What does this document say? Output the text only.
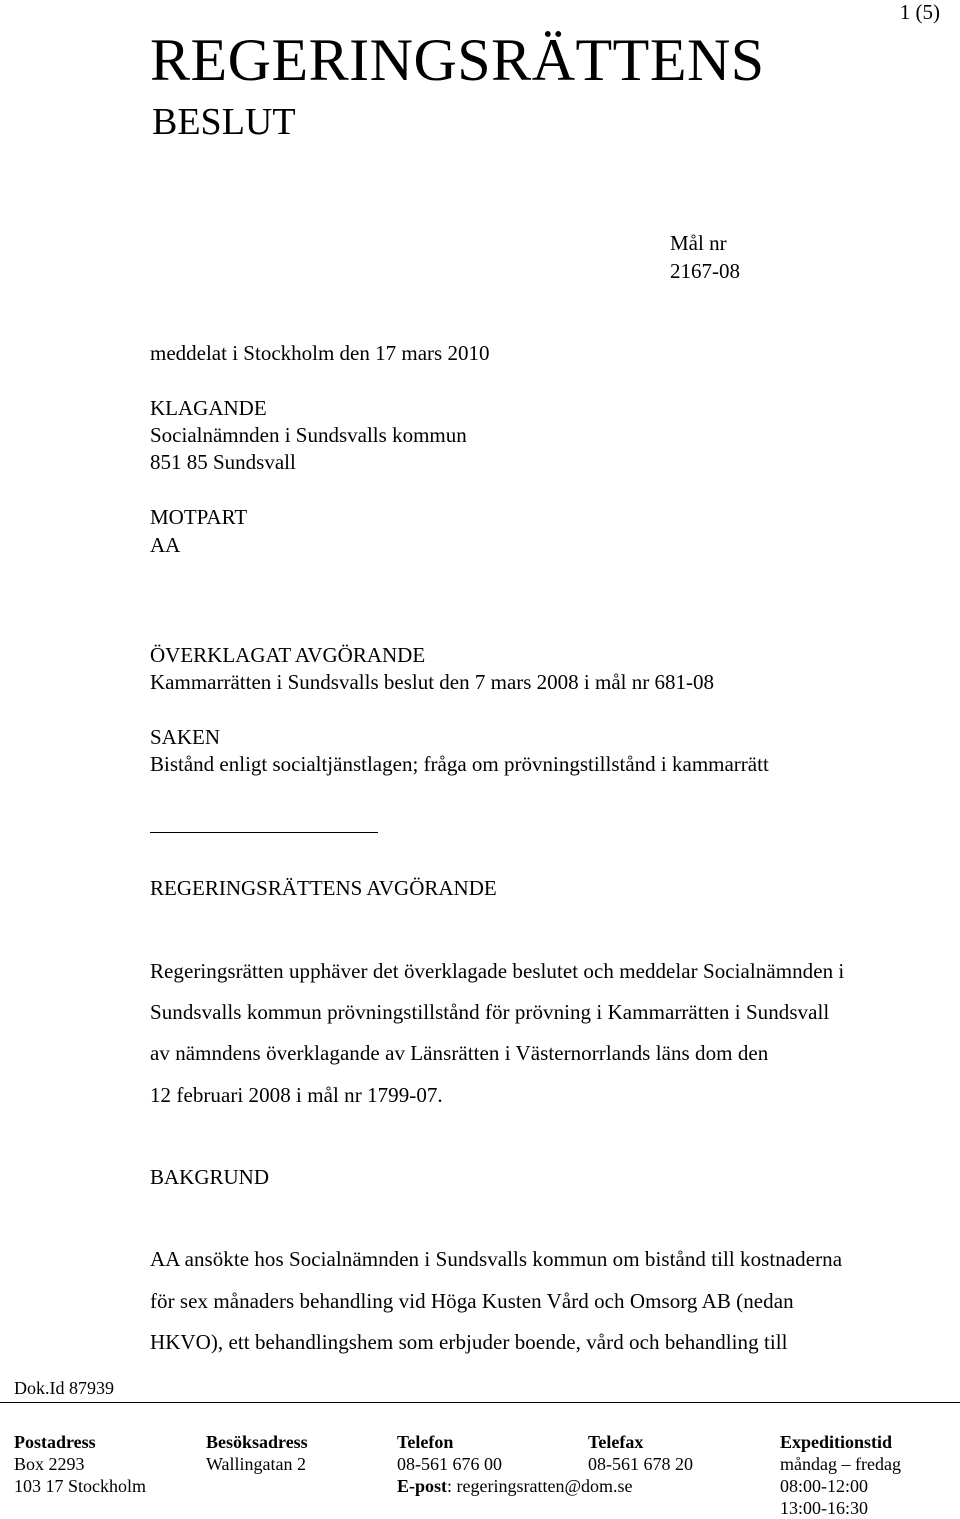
1 (5)
REGERINGSRÄTTENS
BESLUT
Mål nr
2167-08
meddelat i Stockholm den 17 mars 2010
KLAGANDE
Socialnämnden i Sundsvalls kommun
851 85 Sundsvall
MOTPART
AA
ÖVERKLAGAT AVGÖRANDE
Kammarrätten i Sundsvalls beslut den 7 mars 2008 i mål nr 681-08
SAKEN
Bistånd enligt socialtjänstlagen; fråga om prövningstillstånd i kammarrätt
REGERINGSRÄTTENS AVGÖRANDE
Regeringsrätten upphäver det överklagade beslutet och meddelar Socialnämnden i
Sundsvalls kommun prövningstillstånd för prövning i Kammarrätten i Sundsvall
av nämndens överklagande av Länsrätten i Västernorrlands läns dom den
12 februari 2008 i mål nr 1799-07.
BAKGRUND
AA ansökte hos Socialnämnden i Sundsvalls kommun om bistånd till kostnaderna
för sex månaders behandling vid Höga Kusten Vård och Omsorg AB (nedan
HKVO), ett behandlingshem som erbjuder boende, vård och behandling till
Dok.Id 87939
Postadress
Box 2293
103 17 Stockholm
Besöksadress
Wallingatan 2
Telefon
08-561 676 00
E-post: regeringsratten@dom.se
Telefax
08-561 678 20
Expeditionstid
måndag – fredag
08:00-12:00
13:00-16:30
